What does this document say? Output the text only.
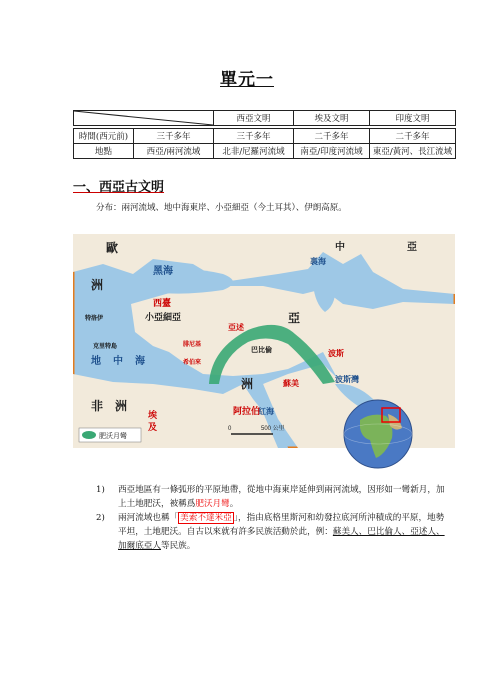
單元一
	西亞文明	埃及文明	印度文明	
時間(西元前)	三千多年	三千多年	二千多年	二千多年
地點	西亞/兩河流域	北非/尼羅河流域	南亞/印度河流域	東亞/黃河、長江流域
一、西亞古文明
分布：兩河流域、地中海東岸、小亞細亞（今土耳其）、伊朗高原。
歐
洲
中	亞
亞
洲
黑海
裏海
地 中 海
紅海
波斯灣
非 洲
西臺
小亞細亞
亞述
巴比倫
蘇美
波斯
阿拉伯
埃
及
克里特島
特洛伊
腓尼基
希伯來
0	500 公里
肥沃月彎
1) 西亞地區有一條弧形的平原地帶，從地中海東岸延伸到兩河流域，因形如一彎新月，加上土地肥沃，被稱爲肥沃月彎。
2) 兩河流域也稱「 美索不達米亞 」，指由底格里斯河和幼發拉底河所沖積成的平原，地勢平坦，土地肥沃。自古以來就有許多民族活動於此，例：蘇美人、巴比倫人、亞述人、加爾底亞人等民族。
